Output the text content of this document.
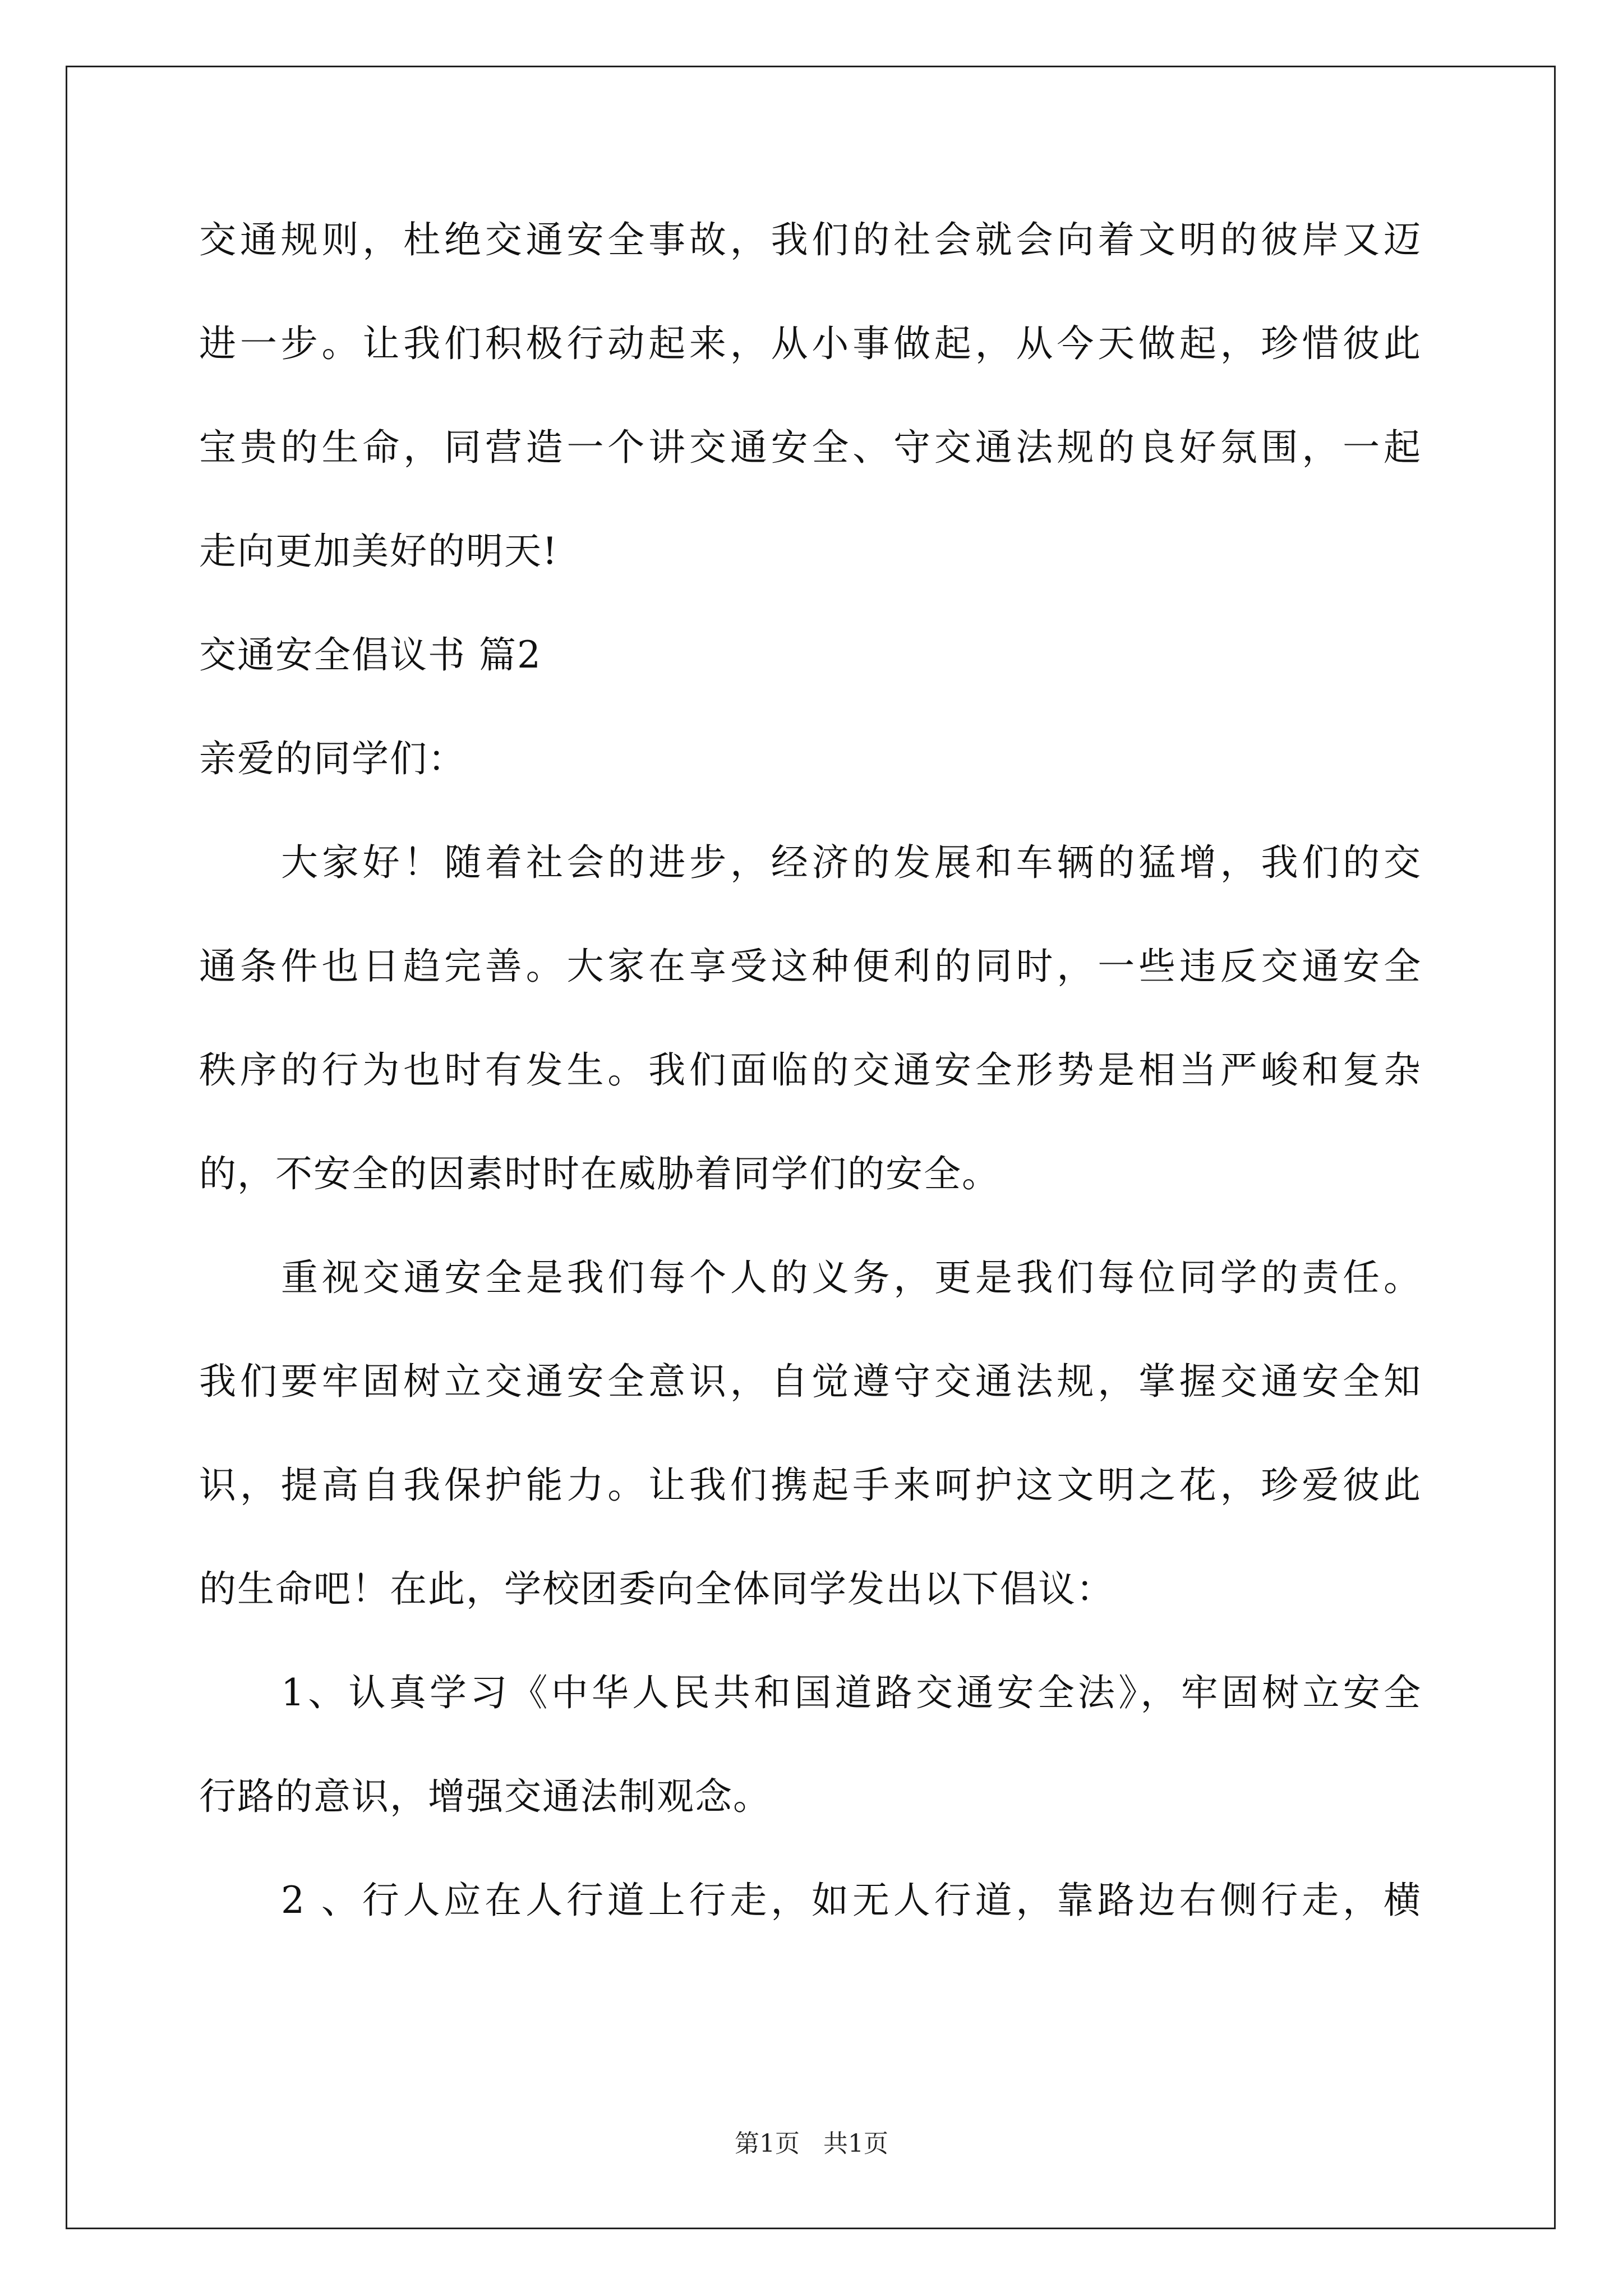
交通规则，杜绝交通安全事故，我们的社会就会向着文明的彼岸又迈

进一步。让我们积极行动起来，从小事做起，从今天做起，珍惜彼此

宝贵的生命，同营造一个讲交通安全、守交通法规的良好氛围，一起

走向更加美好的明天!

交通安全倡议书 篇2

亲爱的同学们：

大家好！随着社会的进步，经济的发展和车辆的猛增，我们的交

通条件也日趋完善。大家在享受这种便利的同时，一些违反交通安全

秩序的行为也时有发生。我们面临的交通安全形势是相当严峻和复杂

的，不安全的因素时时在威胁着同学们的安全。

重视交通安全是我们每个人的义务，更是我们每位同学的责任。

我们要牢固树立交通安全意识，自觉遵守交通法规，掌握交通安全知

识，提高自我保护能力。让我们携起手来呵护这文明之花，珍爱彼此

的生命吧！在此，学校团委向全体同学发出以下倡议：

1、认真学习《中华人民共和国道路交通安全法》，牢固树立安全

行路的意识，增强交通法制观念。

2 、行人应在人行道上行走，如无人行道，靠路边右侧行走，横

第1页   共1页
